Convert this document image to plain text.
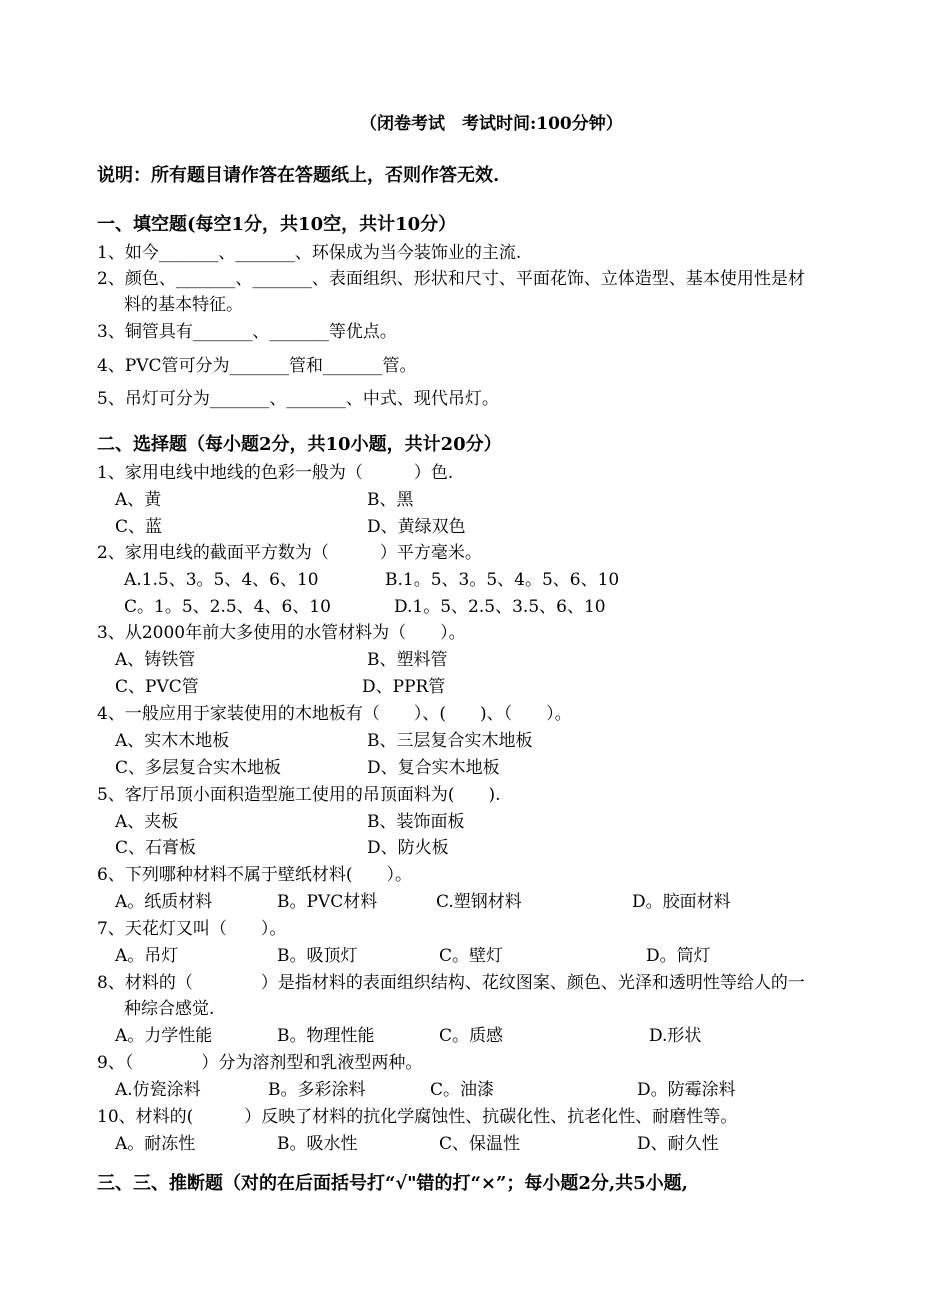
（闭卷考试　考试时间:100分钟）
说明：所有题目请作答在答题纸上，否则作答无效.
一、填空题(每空1分，共10空，共计10分）
1、如今_______、_______、环保成为当今装饰业的主流.
2、颜色、_______、_______、表面组织、形状和尺寸、平面花饰、立体造型、基本使用性是材
料的基本特征。
3、铜管具有_______、_______等优点。
4、PVC管可分为_______管和_______管。
5、吊灯可分为_______、_______、中式、现代吊灯。
二、选择题（每小题2分，共10小题，共计20分）
1、家用电线中地线的色彩一般为（　　　）色.
A、黄	B、黑
C、蓝	D、黄绿双色
2、家用电线的截面平方数为（　　　）平方毫米。
A.1.5、3。5、4、6、10	B.1。5、3。5、4。5、6、10
C。1。5、2.5、4、6、10	D.1。5、2.5、3.5、6、10
3、从2000年前大多使用的水管材料为（　　）。
A、铸铁管	B、塑料管
C、PVC管	D、PPR管
4、一般应用于家装使用的木地板有（　　）、(　　)、（　　）。
A、实木木地板	B、三层复合实木地板
C、多层复合实木地板	D、复合实木地板
5、客厅吊顶小面积造型施工使用的吊顶面料为(　　).
A、夹板	B、装饰面板
C、石膏板	D、防火板
6、下列哪种材料不属于壁纸材料(　　）。
A。纸质材料	B。PVC材料	C.塑钢材料	D。胶面材料
7、天花灯又叫（　　）。
A。吊灯	B。吸顶灯	C。壁灯	D。筒灯
8、材料的（　　　　）是指材料的表面组织结构、花纹图案、颜色、光泽和透明性等给人的一
种综合感觉.
A。力学性能	B。物理性能	C。质感	D.形状
9、（　　　　）分为溶剂型和乳液型两种。
A.仿瓷涂料	B。多彩涂料	C。油漆	D。防霉涂料
10、材料的(　　　）反映了材料的抗化学腐蚀性、抗碳化性、抗老化性、耐磨性等。
A。耐冻性	B。吸水性	C、保温性	D、耐久性
三、三、推断题（对的在后面括号打“√"错的打“×”；每小题2分,共5小题,
